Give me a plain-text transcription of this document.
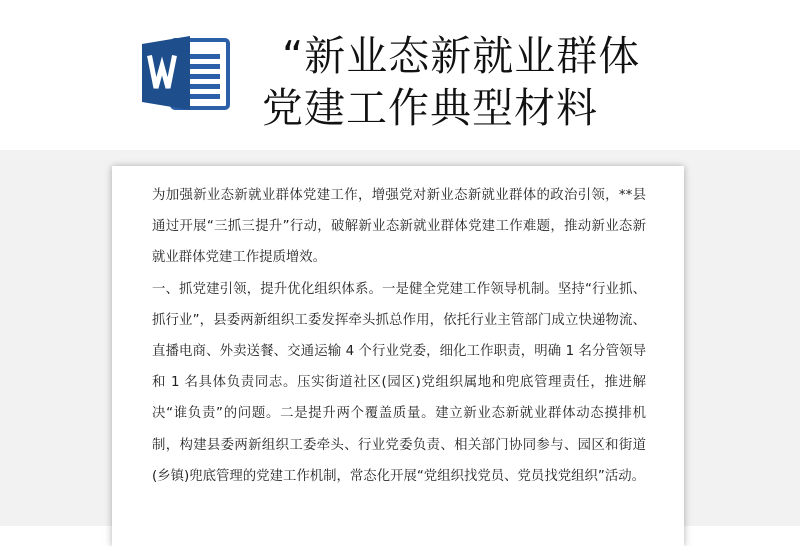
“新业态新就业群体
党建工作典型材料

为加强新业态新就业群体党建工作，增强党对新业态新就业群体的政治引领，**县通过开展“三抓三提升”行动，破解新业态新就业群体党建工作难题，推动新业态新就业群体党建工作提质增效。

一、抓党建引领，提升优化组织体系。一是健全党建工作领导机制。坚持“行业抓、抓行业”，县委两新组织工委发挥牵头抓总作用，依托行业主管部门成立快递物流、直播电商、外卖送餐、交通运输 4 个行业党委，细化工作职责，明确 1 名分管领导和 1 名具体负责同志。压实街道社区(园区)党组织属地和兜底管理责任，推进解决“谁负责”的问题。二是提升两个覆盖质量。建立新业态新就业群体动态摸排机制，构建县委两新组织工委牵头、行业党委负责、相关部门协同参与、园区和街道(乡镇)兜底管理的党建工作机制，常态化开展“党组织找党员、党员找党组织”活动。
